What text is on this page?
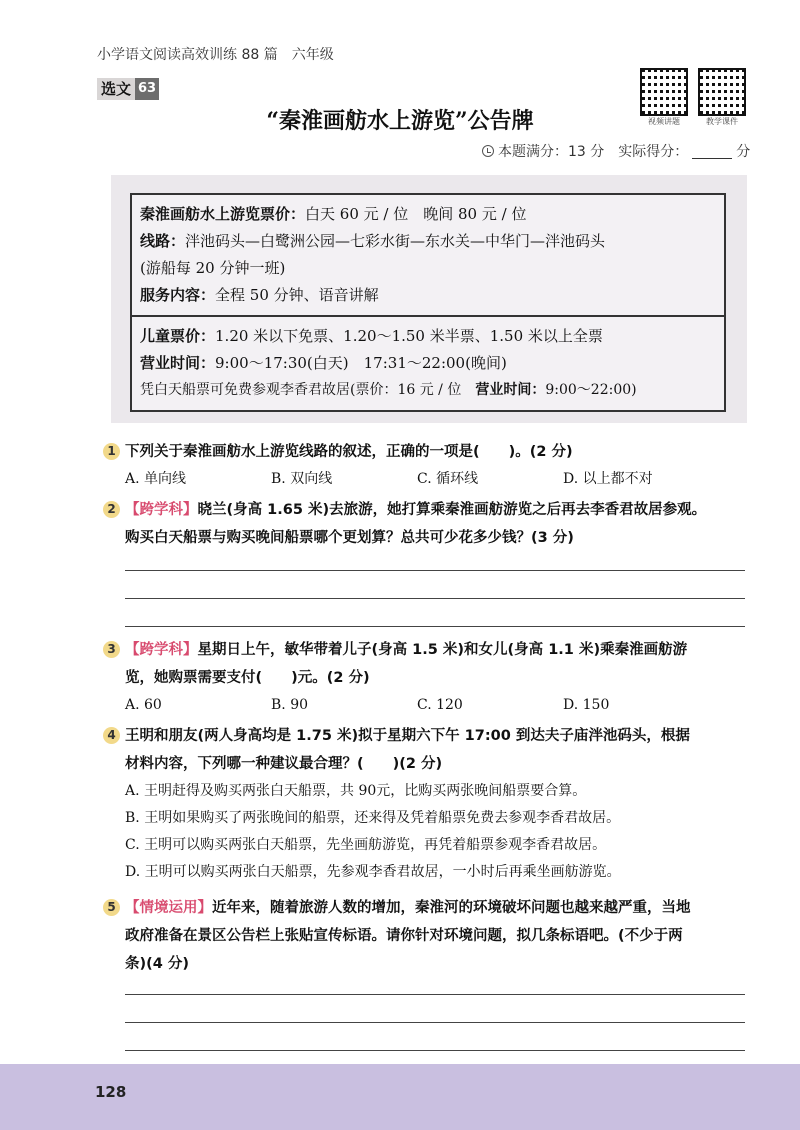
小学语文阅读高效训练 88 篇　六年级
选文 63
视频讲题	教学课件
“秦淮画舫水上游览”公告牌
本题满分：13 分　实际得分：	分
秦淮画舫水上游览票价：白天 60 元 / 位　晚间 80 元 / 位
线路：泮池码头—白鹭洲公园—七彩水街—东水关—中华门—泮池码头
(游船每 20 分钟一班)
服务内容：全程 50 分钟、语音讲解
儿童票价：1.20 米以下免票、1.20～1.50 米半票、1.50 米以上全票
营业时间：9:00～17:30(白天)　17:31～22:00(晚间)
凭白天船票可免费参观李香君故居(票价：16 元 / 位　营业时间：9:00～22:00)
1 下列关于秦淮画舫水上游览线路的叙述，正确的一项是(　　)。(2 分)
A. 单向线	B. 双向线	C. 循环线	D. 以上都不对
2 【跨学科】晓兰(身高 1.65 米)去旅游，她打算乘秦淮画舫游览之后再去李香君故居参观。
购买白天船票与购买晚间船票哪个更划算？总共可少花多少钱？(3 分)
3 【跨学科】星期日上午，敏华带着儿子(身高 1.5 米)和女儿(身高 1.1 米)乘秦淮画舫游
览，她购票需要支付(　　)元。(2 分)
A. 60	B. 90	C. 120	D. 150
4 王明和朋友(两人身高均是 1.75 米)拟于星期六下午 17:00 到达夫子庙泮池码头，根据
材料内容，下列哪一种建议最合理？(　　)(2 分)
A. 王明赶得及购买两张白天船票，共 90元，比购买两张晚间船票要合算。
B. 王明如果购买了两张晚间的船票，还来得及凭着船票免费去参观李香君故居。
C. 王明可以购买两张白天船票，先坐画舫游览，再凭着船票参观李香君故居。
D. 王明可以购买两张白天船票，先参观李香君故居，一小时后再乘坐画舫游览。
5 【情境运用】近年来，随着旅游人数的增加，秦淮河的环境破坏问题也越来越严重，当地
政府准备在景区公告栏上张贴宣传标语。请你针对环境问题，拟几条标语吧。(不少于两
条)(4 分)
128
